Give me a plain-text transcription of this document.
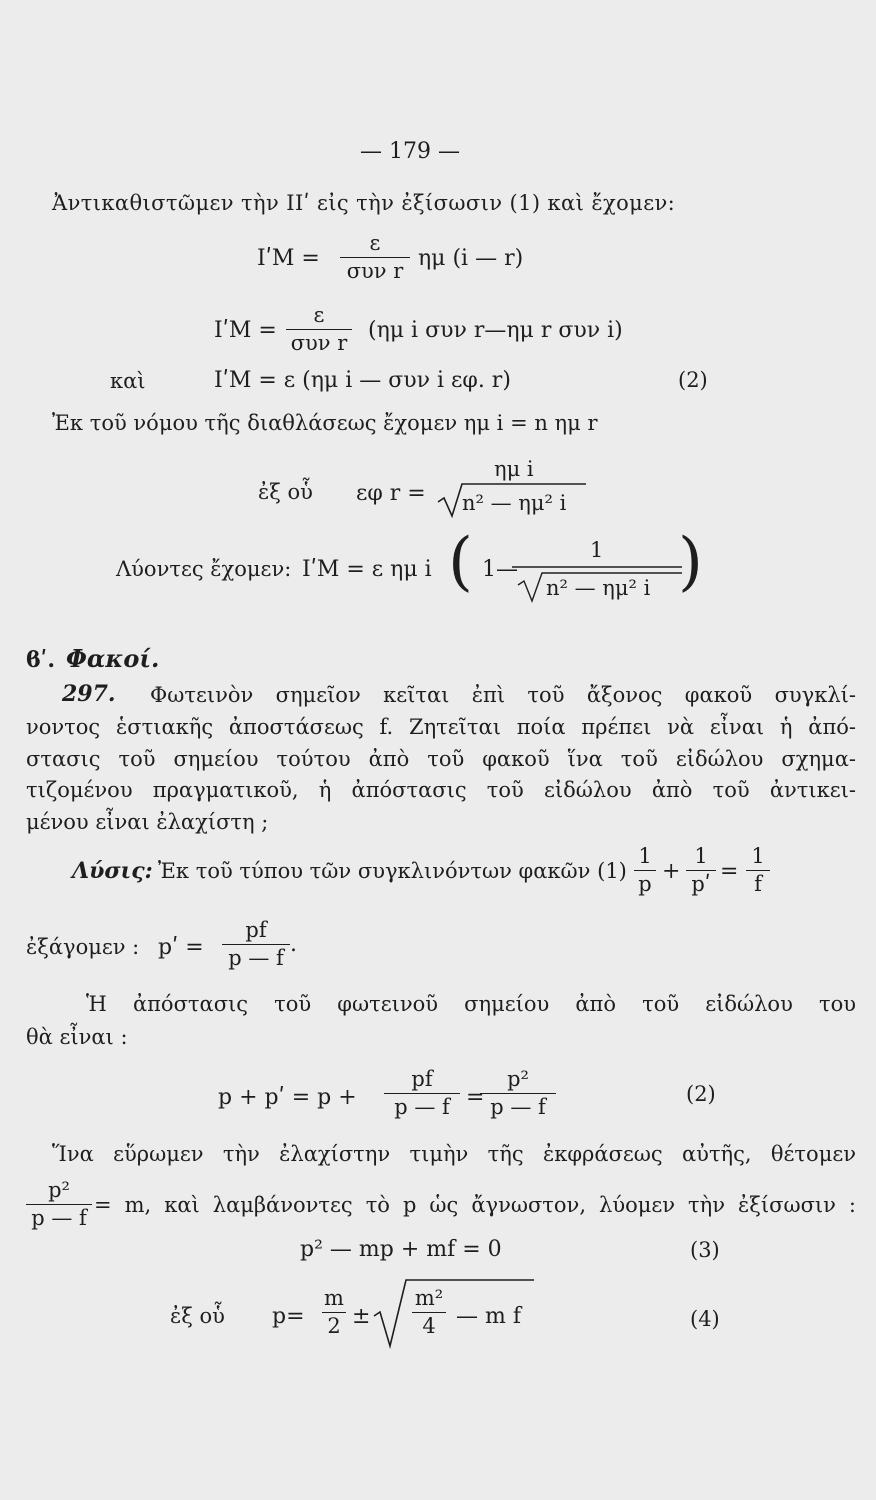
— 179 —
Ἀντικαθιστῶμεν τὴν ΙΙʹ εἰς τὴν ἐξίσωσιν (1) καὶ ἔχομεν:
IʹM =
ε
συν r ημ (i — r)
IʹM =
ε
συν r (ημ i συν r—ημ r συν i)
καὶ	IʹM = ε (ημ i — συν i εφ. r)	(2)
Ἐκ τοῦ νόμου τῆς διαθλάσεως ἔχομεν ημ i = n ημ r
ἐξ οὗ εφ r =
ημ i
n² — ημ² i
Λύοντες ἔχομεν: IʹM = ε ημ i ( 1—
1
n² — ημ² i )
ϐʹ. Φακοί.
297. Φωτεινὸν σημεῖον κεῖται ἐπὶ τοῦ ἄξονος φακοῦ συγκλί-
νοντος ἑστιακῆς ἀποστάσεως f. Ζητεῖται ποία πρέπει νὰ εἶναι ἡ ἀπό-
στασις τοῦ σημείου τούτου ἀπὸ τοῦ φακοῦ ἵνα τοῦ εἰδώλου σχημα-
τιζομένου πραγματικοῦ, ἡ ἀπόστασις τοῦ εἰδώλου ἀπὸ τοῦ ἀντικει-
μένου εἶναι ἐλαχίστη ;
Λύσις: Ἐκ τοῦ τύπου τῶν συγκλινόντων φακῶν (1)
1
p +
1
pʹ =
1
f
ἐξάγομεν : pʹ =
pf
p — f
.
Ἡ ἀπόστασις τοῦ φωτεινοῦ σημείου ἀπὸ τοῦ εἰδώλου του
θὰ εἶναι :
p + pʹ = p +
pf
p — f =
p²
p — f
(2)
Ἵνα εὕρωμεν τὴν ἐλαχίστην τιμὴν τῆς ἐκφράσεως αὐτῆς, θέτομεν
p²
p — f
= m, καὶ λαμβάνοντες τὸ p ὡς ἄγνωστον, λύομεν τὴν ἐξίσωσιν :
p² — mp + mf = 0	(3)
ἐξ οὗ p=
m
2 ±
m²
4 — m f	(4)
